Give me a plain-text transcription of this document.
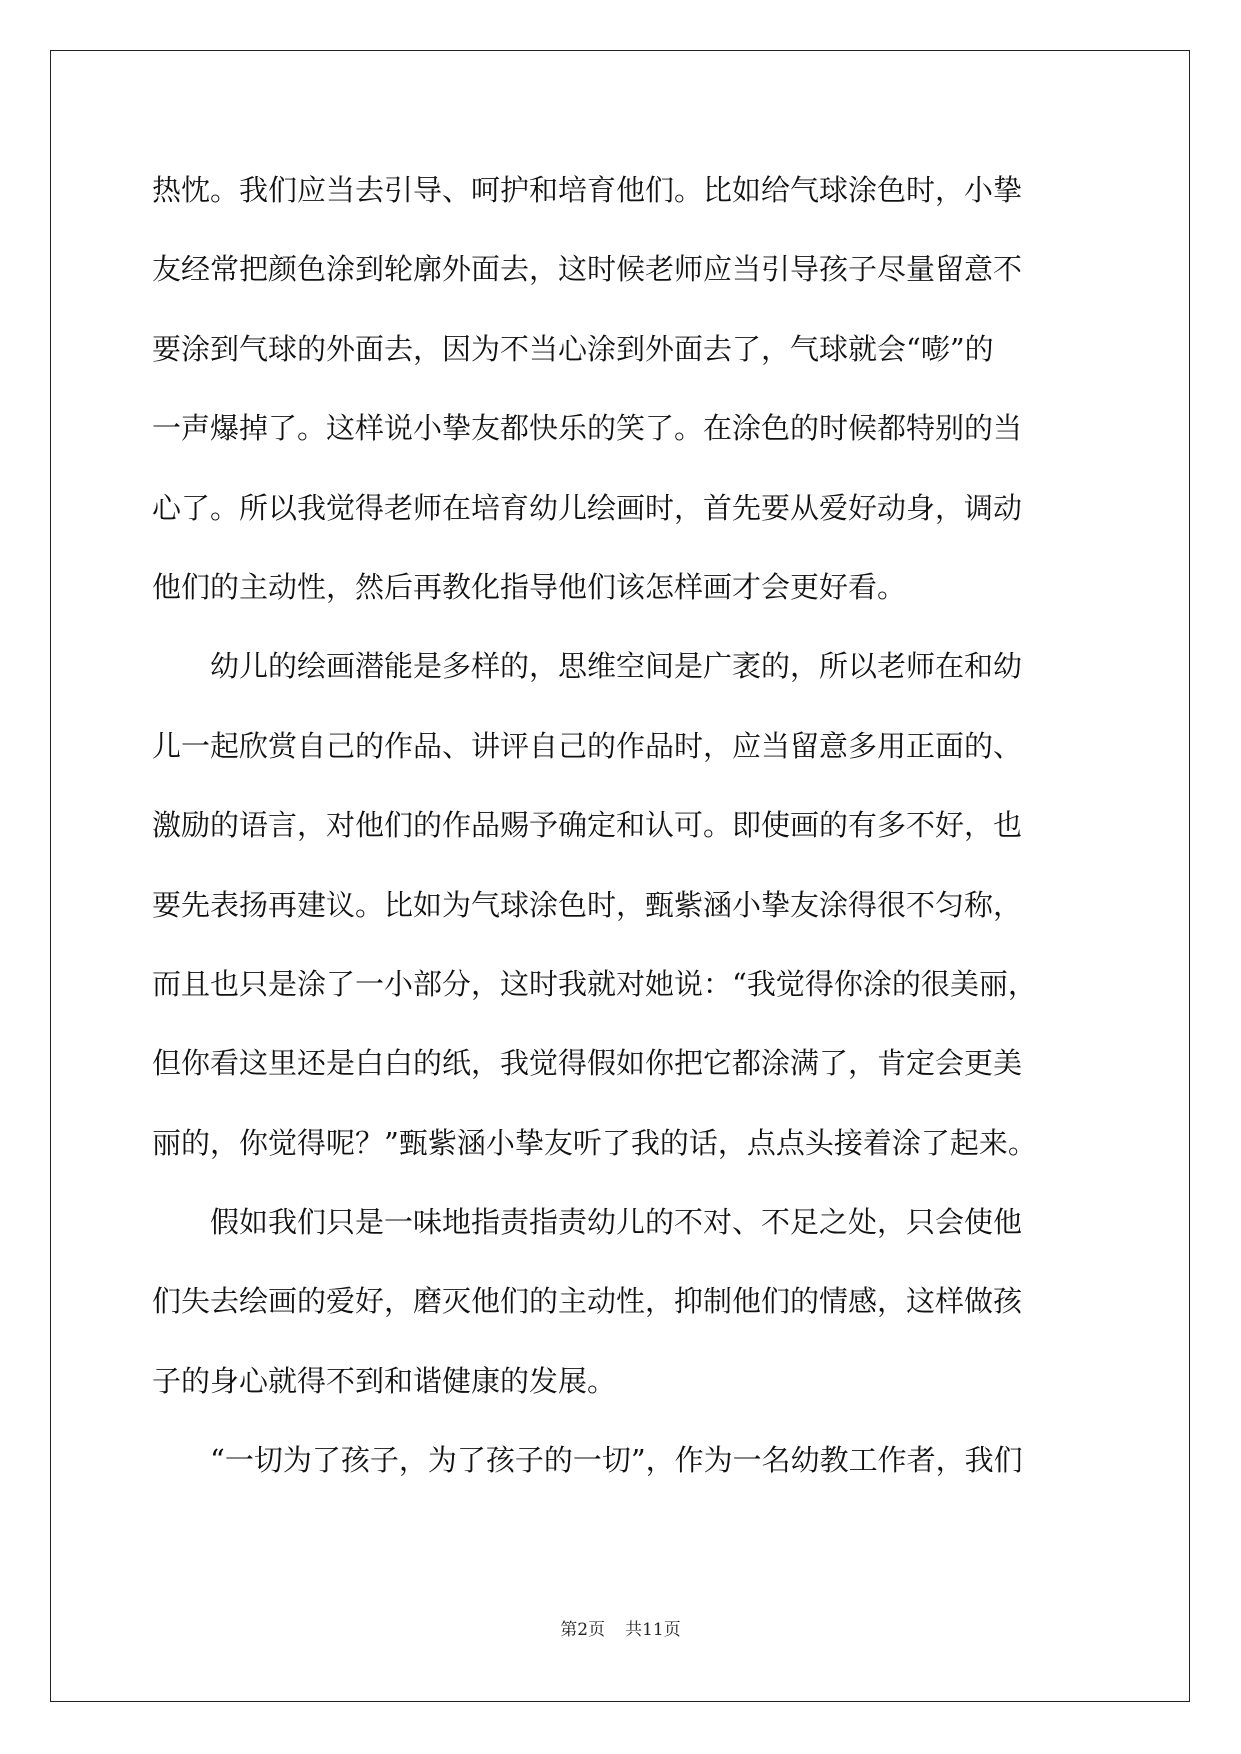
热忱。我们应当去引导、呵护和培育他们。比如给气球涂色时，小挚
友经常把颜色涂到轮廓外面去，这时候老师应当引导孩子尽量留意不
要涂到气球的外面去，因为不当心涂到外面去了，气球就会“嘭”的
一声爆掉了。这样说小挚友都快乐的笑了。在涂色的时候都特别的当
心了。所以我觉得老师在培育幼儿绘画时，首先要从爱好动身，调动
他们的主动性，然后再教化指导他们该怎样画才会更好看。
幼儿的绘画潜能是多样的，思维空间是广袤的，所以老师在和幼
儿一起欣赏自己的作品、讲评自己的作品时，应当留意多用正面的、
激励的语言，对他们的作品赐予确定和认可。即使画的有多不好，也
要先表扬再建议。比如为气球涂色时，甄紫涵小挚友涂得很不匀称，
而且也只是涂了一小部分，这时我就对她说：“我觉得你涂的很美丽，
但你看这里还是白白的纸，我觉得假如你把它都涂满了，肯定会更美
丽的，你觉得呢？”甄紫涵小挚友听了我的话，点点头接着涂了起来。
假如我们只是一味地指责指责幼儿的不对、不足之处，只会使他
们失去绘画的爱好，磨灭他们的主动性，抑制他们的情感，这样做孩
子的身心就得不到和谐健康的发展。
“一切为了孩子，为了孩子的一切”，作为一名幼教工作者，我们
第2页 共11页
